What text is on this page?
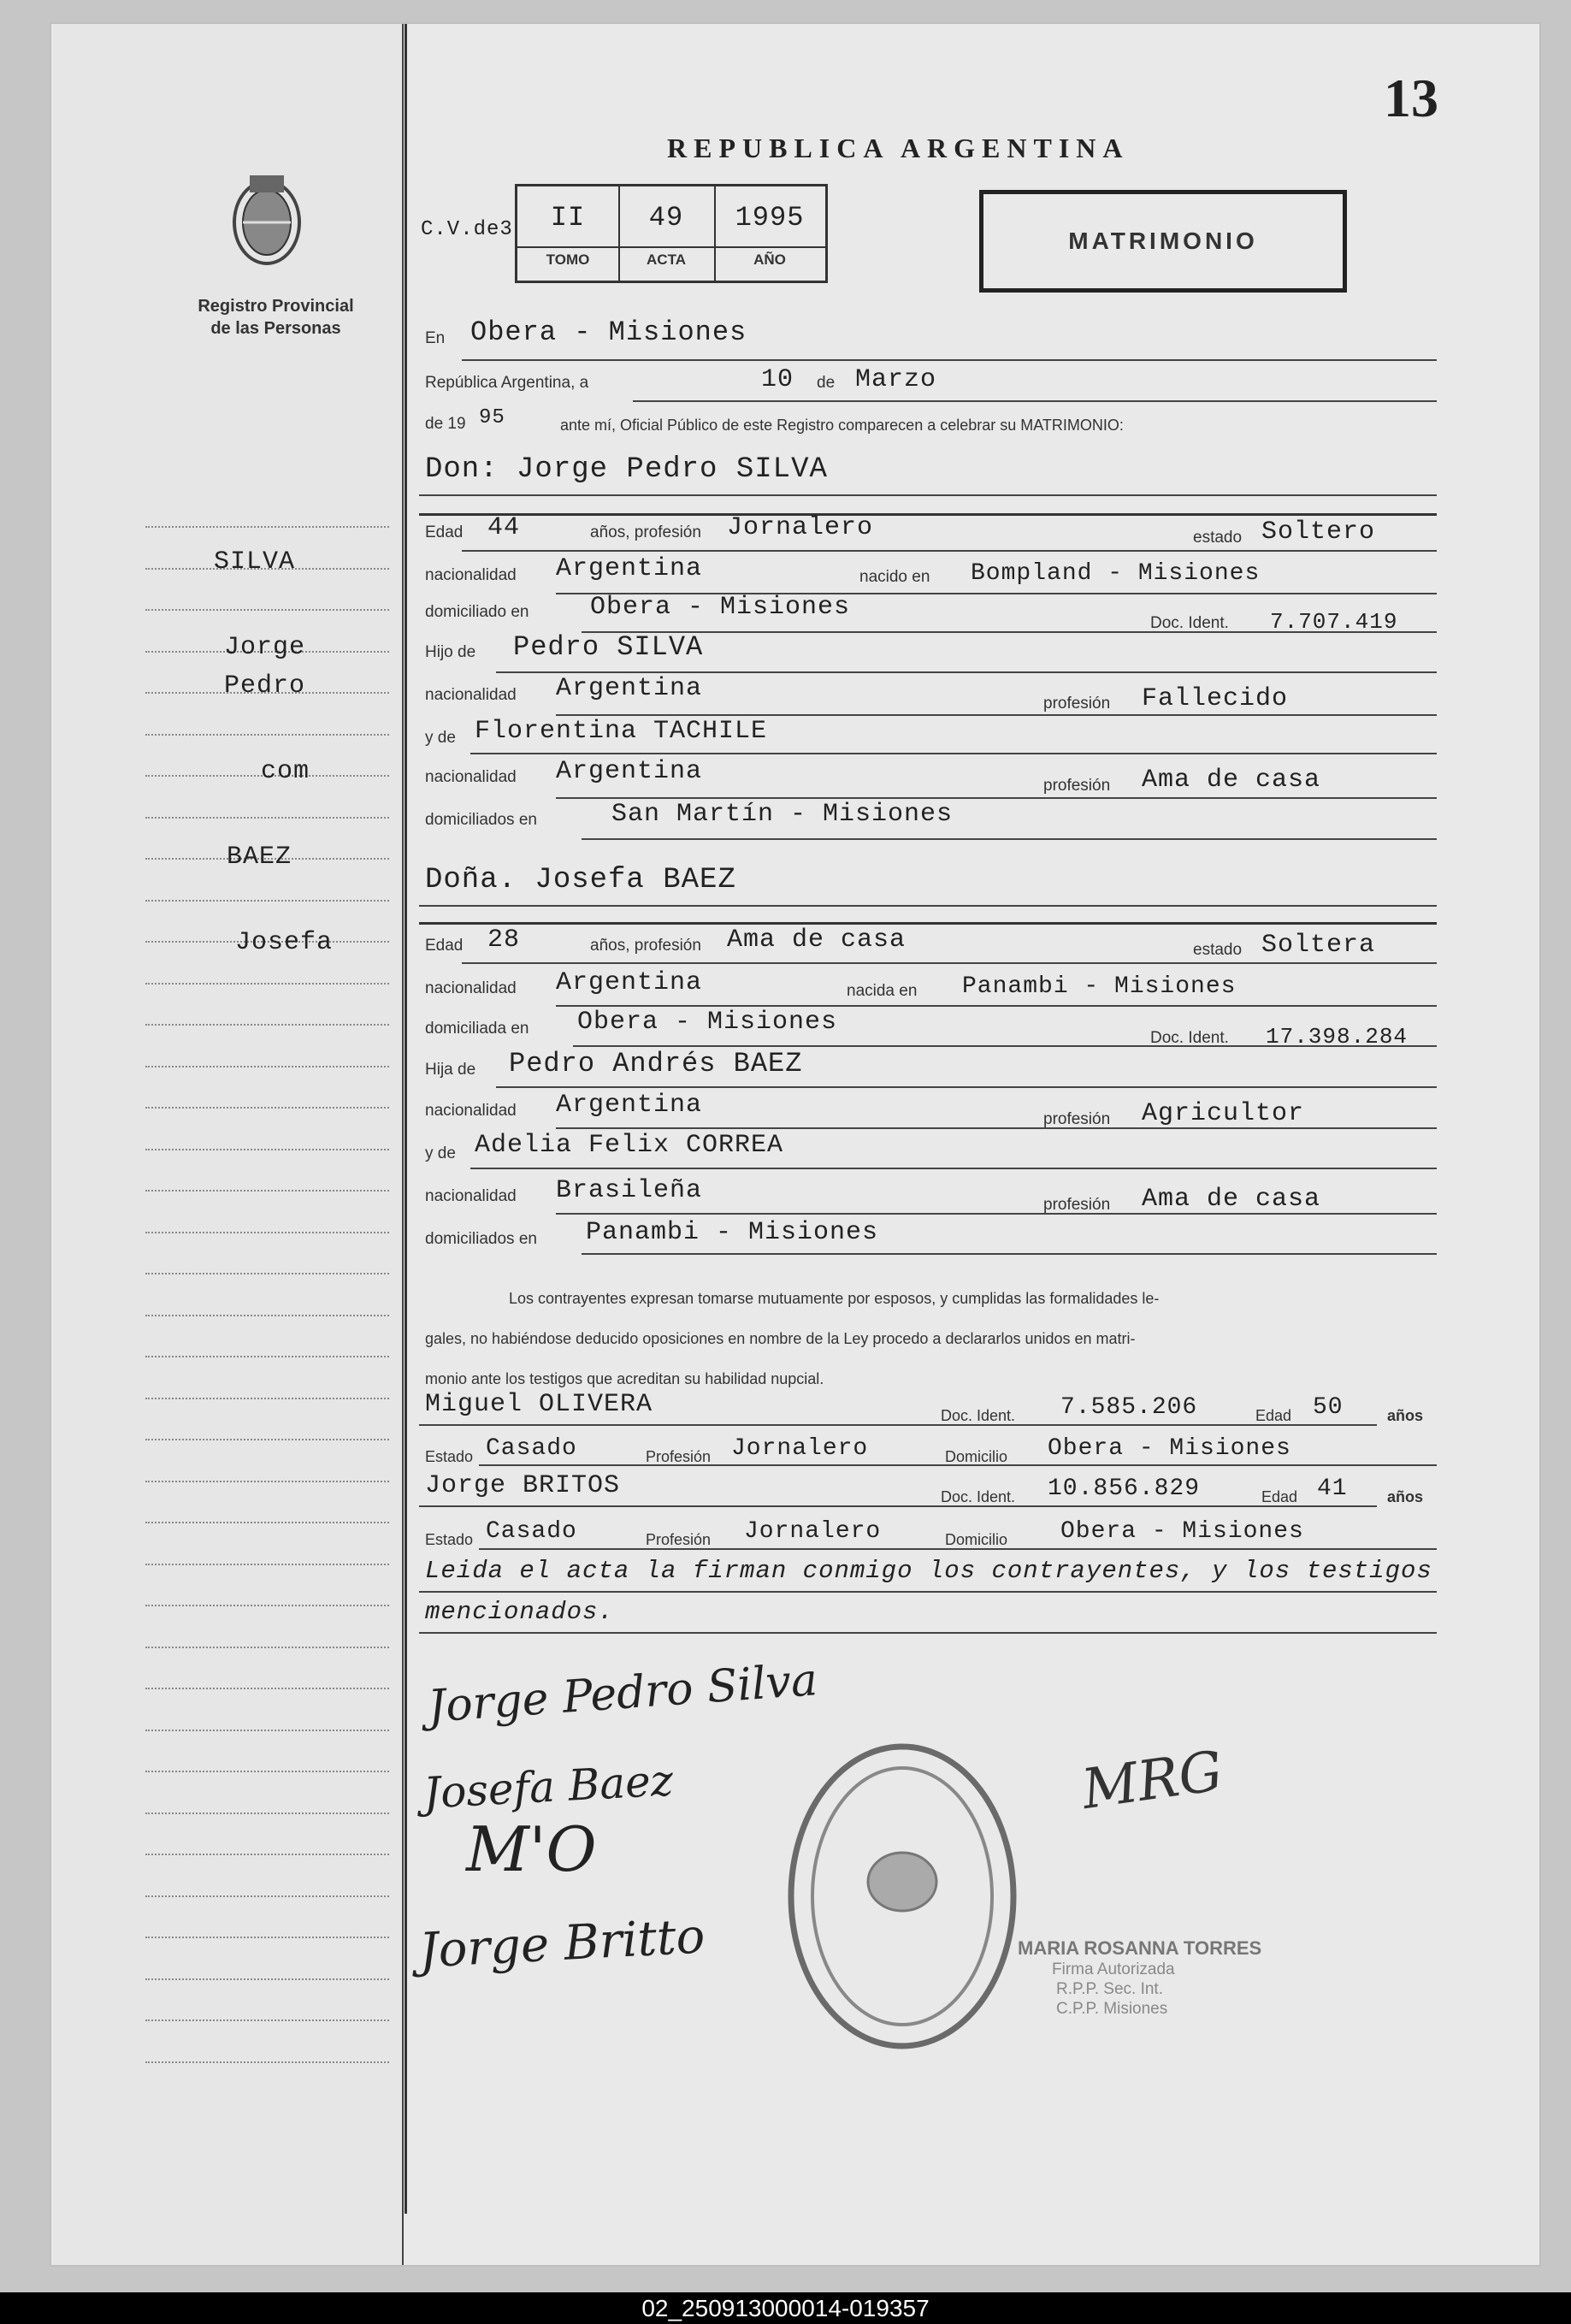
Registro Provincial
de las Personas
SILVA
Jorge
Pedro
com
BAEZ
Josefa
13
REPUBLICA ARGENTINA
C.V.de3	II	49	1995
TOMO	ACTA	AÑO
MATRIMONIO
En Obera - Misiones
República Argentina, a	10 de Marzo
de 19 95	ante mí, Oficial Público de este Registro comparecen a celebrar su MATRIMONIO:
Don: Jorge Pedro SILVA
Edad 44	años, profesión Jornalero	estado Soltero
nacionalidad Argentina	nacido en Bompland - Misiones
domiciliado en Obera - Misiones
Doc. Ident. 7.707.419
Hijo de Pedro SILVA
nacionalidad Argentina
profesión Fallecido
y de Florentina TACHILE
nacionalidad Argentina	profesión Ama de casa
domiciliados en	San Martín - Misiones
Doña. Josefa BAEZ
Edad 28	años, profesión Ama de casa	estado Soltera
nacionalidad Argentina	nacida en Panambi - Misiones
domiciliada en Obera - Misiones
Doc. Ident. 17.398.284
Hija de Pedro Andrés BAEZ
nacionalidad Argentina	profesión Agricultor
y de Adelia Felix CORREA
nacionalidad Brasileña	profesión Ama de casa
domiciliados en Panambi - Misiones
Los contrayentes expresan tomarse mutuamente por esposos, y cumplidas las formalidades le-
gales, no habiéndose deducido oposiciones en nombre de la Ley procedo a declararlos unidos en matri-
monio ante los testigos que acreditan su habilidad nupcial.
Miguel OLIVERA	Doc. Ident. 7.585.206	Edad 50	años
Estado Casado	Profesión Jornalero	Domicilio Obera - Misiones
Jorge BRITOS	Doc. Ident. 10.856.829	Edad 41	años
Estado Casado	Profesión Jornalero	Domicilio Obera - Misiones
Leida el acta la firman conmigo los contrayentes, y los testigos
mencionados.
Jorge Pedro Silva
Josefa Baez
M'O
Jorge Britto
MRG
MARIA ROSANNA TORRES
Firma Autorizada
R.P.P. Sec. Int.
C.P.P. Misiones
02_250913000014-019357
